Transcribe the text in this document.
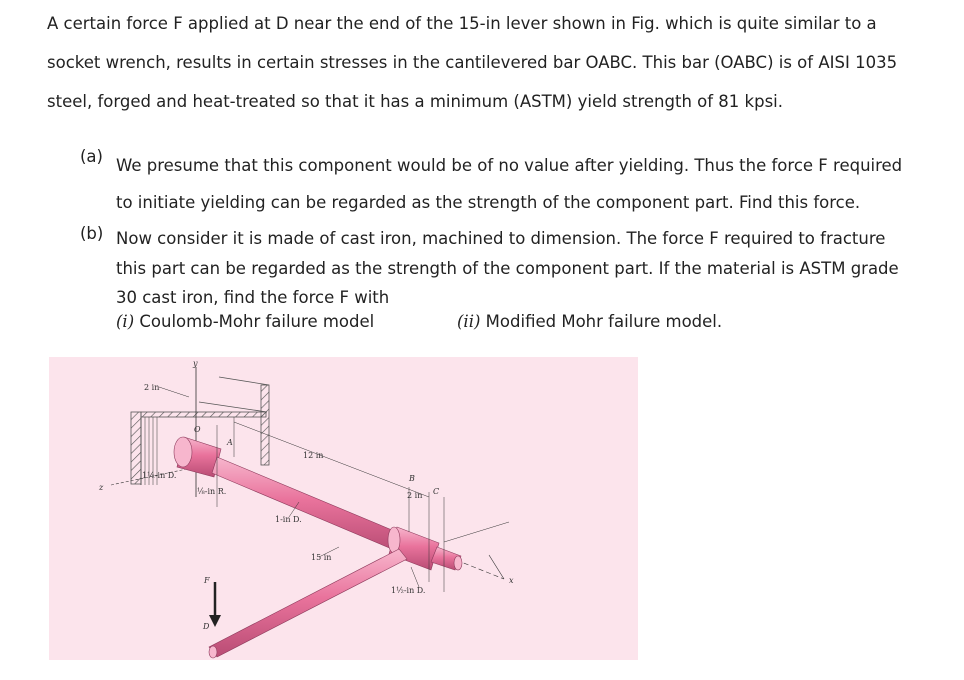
A certain force F applied at D near the end of the 15-in lever shown in Fig. which is quite similar to a
socket wrench, results in certain stresses in the cantilevered bar OABC. This bar (OABC) is of AISI 1035
steel, forged and heat-treated so that it has a minimum (ASTM) yield strength of 81 kpsi.

(a) We presume that this component would be of no value after yielding. Thus the force F required
to initiate yielding can be regarded as the strength of the component part. Find this force.

(b) Now consider it is made of cast iron, machined to dimension. The force F required to fracture
this part can be regarded as the strength of the component part. If the material is ASTM grade
30 cast iron, find the force F with

(i) Coulomb-Mohr failure model	(ii) Modified Mohr failure model.

y
2 in
O
A
12 in
1½-in D.
z	⅛-in R.
B
C
2 in
1-in D.
15 in
F
D
1½-in D.
x
